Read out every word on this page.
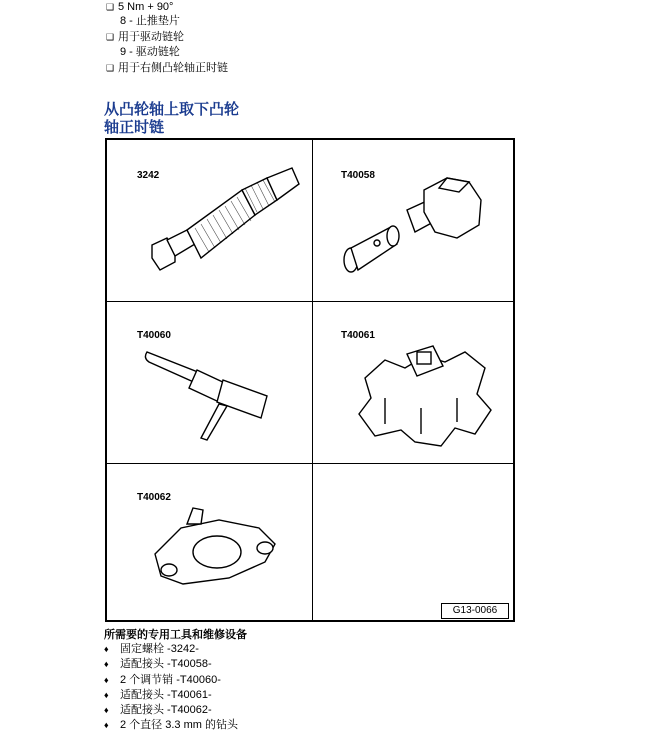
❑ 5 Nm + 90°
8 - 止推垫片
❑ 用于驱动链轮
9 - 驱动链轮
❑ 用于右侧凸轮轴正时链
从凸轮轴上取下凸轮
轴正时链
3242	T40058
T40060	T40061
T40062
G13-0066
所需要的专用工具和维修设备
♦ 固定螺栓 -3242-
♦ 适配接头 -T40058-
♦ 2 个调节销 -T40060-
♦ 适配接头 -T40061-
♦ 适配接头 -T40062-
♦ 2 个直径 3.3 mm 的钻头
